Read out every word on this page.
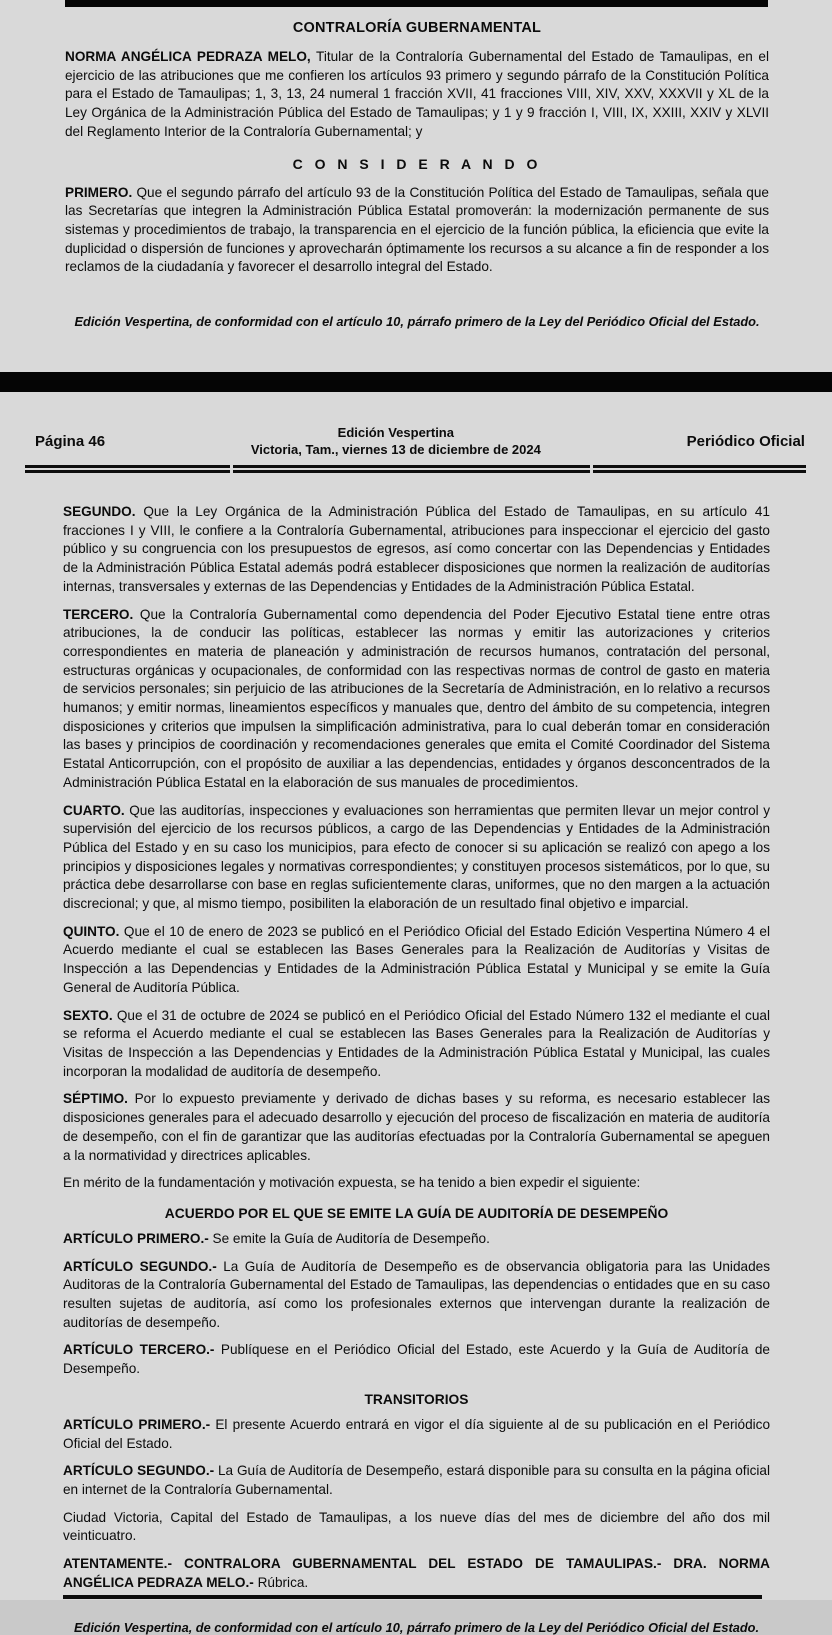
CONTRALORÍA GUBERNAMENTAL

NORMA ANGÉLICA PEDRAZA MELO, Titular de la Contraloría Gubernamental del Estado de Tamaulipas, en el ejercicio de las atribuciones que me confieren los artículos 93 primero y segundo párrafo de la Constitución Política para el Estado de Tamaulipas; 1, 3, 13, 24 numeral 1 fracción XVII, 41 fracciones VIII, XIV, XXV, XXXVII y XL de la Ley Orgánica de la Administración Pública del Estado de Tamaulipas; y 1 y 9 fracción I, VIII, IX, XXIII, XXIV y XLVII del Reglamento Interior de la Contraloría Gubernamental; y

C O N S I D E R A N D O

PRIMERO. Que el segundo párrafo del artículo 93 de la Constitución Política del Estado de Tamaulipas, señala que las Secretarías que integren la Administración Pública Estatal promoverán: la modernización permanente de sus sistemas y procedimientos de trabajo, la transparencia en el ejercicio de la función pública, la eficiencia que evite la duplicidad o dispersión de funciones y aprovecharán óptimamente los recursos a su alcance a fin de responder a los reclamos de la ciudadanía y favorecer el desarrollo integral del Estado.

Edición Vespertina, de conformidad con el artículo 10, párrafo primero de la Ley del Periódico Oficial del Estado.

Página 46	Edición Vespertina
Victoria, Tam., viernes 13 de diciembre de 2024	Periódico Oficial

SEGUNDO. Que la Ley Orgánica de la Administración Pública del Estado de Tamaulipas, en su artículo 41 fracciones I y VIII, le confiere a la Contraloría Gubernamental, atribuciones para inspeccionar el ejercicio del gasto público y su congruencia con los presupuestos de egresos, así como concertar con las Dependencias y Entidades de la Administración Pública Estatal además podrá establecer disposiciones que normen la realización de auditorías internas, transversales y externas de las Dependencias y Entidades de la Administración Pública Estatal.

TERCERO. Que la Contraloría Gubernamental como dependencia del Poder Ejecutivo Estatal tiene entre otras atribuciones, la de conducir las políticas, establecer las normas y emitir las autorizaciones y criterios correspondientes en materia de planeación y administración de recursos humanos, contratación del personal, estructuras orgánicas y ocupacionales, de conformidad con las respectivas normas de control de gasto en materia de servicios personales; sin perjuicio de las atribuciones de la Secretaría de Administración, en lo relativo a recursos humanos; y emitir normas, lineamientos específicos y manuales que, dentro del ámbito de su competencia, integren disposiciones y criterios que impulsen la simplificación administrativa, para lo cual deberán tomar en consideración las bases y principios de coordinación y recomendaciones generales que emita el Comité Coordinador del Sistema Estatal Anticorrupción, con el propósito de auxiliar a las dependencias, entidades y órganos desconcentrados de la Administración Pública Estatal en la elaboración de sus manuales de procedimientos.

CUARTO. Que las auditorías, inspecciones y evaluaciones son herramientas que permiten llevar un mejor control y supervisión del ejercicio de los recursos públicos, a cargo de las Dependencias y Entidades de la Administración Pública del Estado y en su caso los municipios, para efecto de conocer si su aplicación se realizó con apego a los principios y disposiciones legales y normativas correspondientes; y constituyen procesos sistemáticos, por lo que, su práctica debe desarrollarse con base en reglas suficientemente claras, uniformes, que no den margen a la actuación discrecional; y que, al mismo tiempo, posibiliten la elaboración de un resultado final objetivo e imparcial.

QUINTO. Que el 10 de enero de 2023 se publicó en el Periódico Oficial del Estado Edición Vespertina Número 4 el Acuerdo mediante el cual se establecen las Bases Generales para la Realización de Auditorías y Visitas de Inspección a las Dependencias y Entidades de la Administración Pública Estatal y Municipal y se emite la Guía General de Auditoría Pública.

SEXTO. Que el 31 de octubre de 2024 se publicó en el Periódico Oficial del Estado Número 132 el mediante el cual se reforma el Acuerdo mediante el cual se establecen las Bases Generales para la Realización de Auditorías y Visitas de Inspección a las Dependencias y Entidades de la Administración Pública Estatal y Municipal, las cuales incorporan la modalidad de auditoría de desempeño.

SÉPTIMO. Por lo expuesto previamente y derivado de dichas bases y su reforma, es necesario establecer las disposiciones generales para el adecuado desarrollo y ejecución del proceso de fiscalización en materia de auditoría de desempeño, con el fin de garantizar que las auditorías efectuadas por la Contraloría Gubernamental se apeguen a la normatividad y directrices aplicables.

En mérito de la fundamentación y motivación expuesta, se ha tenido a bien expedir el siguiente:

ACUERDO POR EL QUE SE EMITE LA GUÍA DE AUDITORÍA DE DESEMPEÑO

ARTÍCULO PRIMERO.- Se emite la Guía de Auditoría de Desempeño.

ARTÍCULO SEGUNDO.- La Guía de Auditoría de Desempeño es de observancia obligatoria para las Unidades Auditoras de la Contraloría Gubernamental del Estado de Tamaulipas, las dependencias o entidades que en su caso resulten sujetas de auditoría, así como los profesionales externos que intervengan durante la realización de auditorías de desempeño.

ARTÍCULO TERCERO.- Publíquese en el Periódico Oficial del Estado, este Acuerdo y la Guía de Auditoría de Desempeño.

TRANSITORIOS

ARTÍCULO PRIMERO.- El presente Acuerdo entrará en vigor el día siguiente al de su publicación en el Periódico Oficial del Estado.

ARTÍCULO SEGUNDO.- La Guía de Auditoría de Desempeño, estará disponible para su consulta en la página oficial en internet de la Contraloría Gubernamental.

Ciudad Victoria, Capital del Estado de Tamaulipas, a los nueve días del mes de diciembre del año dos mil veinticuatro.

ATENTAMENTE.- CONTRALORA GUBERNAMENTAL DEL ESTADO DE TAMAULIPAS.- DRA. NORMA ANGÉLICA PEDRAZA MELO.- Rúbrica.

Edición Vespertina, de conformidad con el artículo 10, párrafo primero de la Ley del Periódico Oficial del Estado.
